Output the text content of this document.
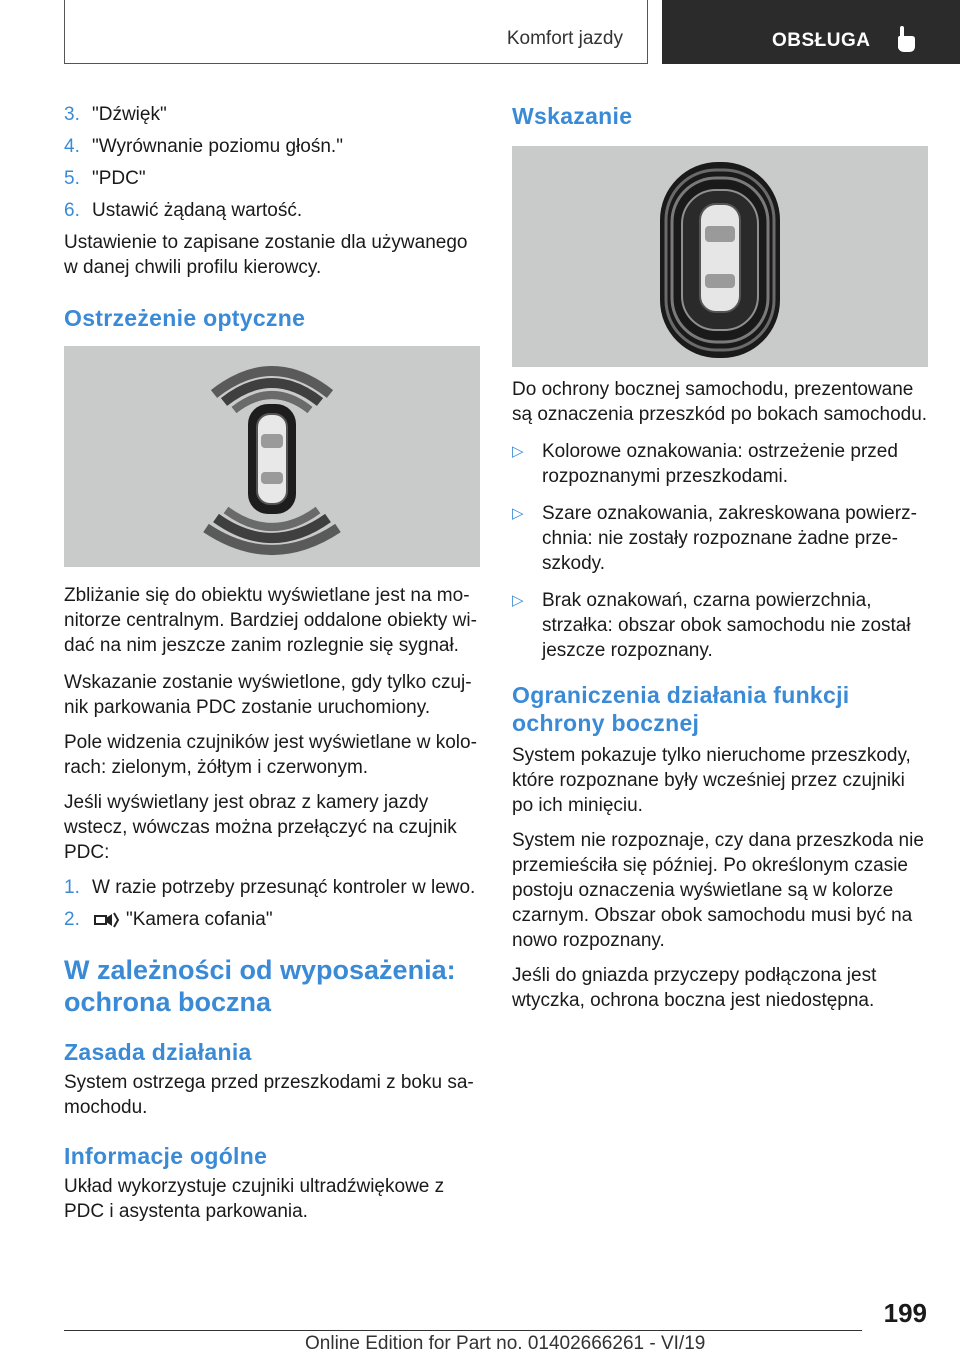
Komfort jazdy	OBSŁUGA
3. "Dźwięk"
4. "Wyrównanie poziomu głośn."
5. "PDC"
6. Ustawić żądaną wartość.

Ustawienie to zapisane zostanie dla używanego w danej chwili profilu kierowcy.

Ostrzeżenie optyczne

Zbliżanie się do obiektu wyświetlane jest na monitorze centralnym. Bardziej oddalone obiekty widać na nim jeszcze zanim rozlegnie się sygnał.

Wskazanie zostanie wyświetlone, gdy tylko czujnik parkowania PDC zostanie uruchomiony.

Pole widzenia czujników jest wyświetlane w kolorach: zielonym, żółtym i czerwonym.

Jeśli wyświetlany jest obraz z kamery jazdy wstecz, wówczas można przełączyć na czujnik PDC:

1. W razie potrzeby przesunąć kontroler w lewo.
2.	"Kamera cofania"
W zależności od wyposażenia: ochrona boczna
Zasada działania

System ostrzega przed przeszkodami z boku samochodu.

Informacje ogólne

Układ wykorzystuje czujniki ultradźwiękowe z PDC i asystenta parkowania.

Wskazanie

Do ochrony bocznej samochodu, prezentowane są oznaczenia przeszkód po bokach samochodu.

▷ Kolorowe oznakowania: ostrzeżenie przed rozpoznanymi przeszkodami.
▷ Szare oznakowania, zakreskowana powierzchnia: nie zostały rozpoznane żadne przeszkody.
▷ Brak oznakowań, czarna powierzchnia, strzałka: obszar obok samochodu nie został jeszcze rozpoznany.
Ograniczenia działania funkcji ochrony bocznej

System pokazuje tylko nieruchome przeszkody, które rozpoznane były wcześniej przez czujniki po ich minięciu.

System nie rozpoznaje, czy dana przeszkoda nie przemieściła się później. Po określonym czasie postoju oznaczenia wyświetlane są w kolorze czarnym. Obszar obok samochodu musi być na nowo rozpoznany.

Jeśli do gniazda przyczepy podłączona jest wtyczka, ochrona boczna jest niedostępna.

199
Online Edition for Part no. 01402666261 - VI/19
